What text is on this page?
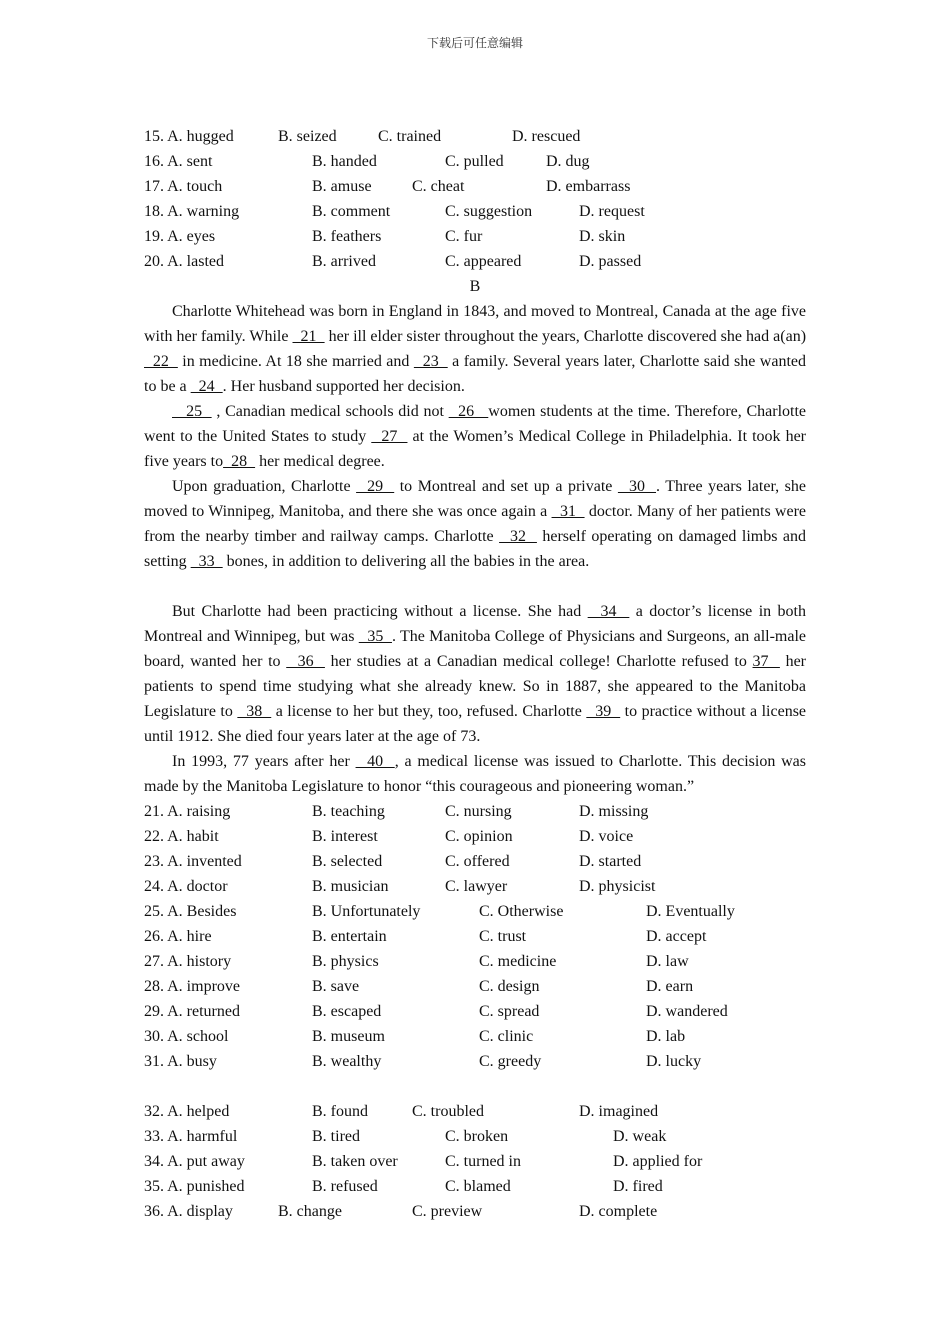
下载后可任意编辑
15. A. hugged	B. seized	C. trained	D. rescued
16. A. sent	B. handed	C. pulled	D. dug
17. A. touch	B. amuse	C. cheat	D. embarrass
18. A. warning	B. comment	C. suggestion	D. request
19. A. eyes	B. feathers	C. fur	D. skin
20. A. lasted	B. arrived	C. appeared	D. passed
B

Charlotte Whitehead was born in England in 1843, and moved to Montreal, Canada at the age five with her family. While   21   her ill elder sister throughout the years, Charlotte discovered she had a(an)   22   in medicine. At 18 she married and   23   a family. Several years later, Charlotte said she wanted to be a   24  . Her husband supported her decision.

25   , Canadian medical schools did not   26   women students at the time. Therefore, Charlotte went to the United States to study   27   at the Women’s Medical College in Philadelphia. It took her five years to  28   her medical degree.

Upon graduation, Charlotte   29   to Montreal and set up a private   30  . Three years later, she moved to Winnipeg, Manitoba, and there she was once again a   31   doctor. Many of her patients were from the nearby timber and railway camps. Charlotte   32   herself operating on damaged limbs and setting   33   bones, in addition to delivering all the babies in the area.

But Charlotte had been practicing without a license. She had   34   a doctor’s license in both Montreal and Winnipeg, but was   35  . The Manitoba College of Physicians and Surgeons, an all-male board, wanted her to   36   her studies at a Canadian medical college! Charlotte refused to 37   her patients to spend time studying what she already knew. So in 1887, she appeared to the Manitoba Legislature to   38   a license to her but they, too, refused. Charlotte   39   to practice without a license until 1912. She died four years later at the age of 73.

In 1993, 77 years after her   40  , a medical license was issued to Charlotte. This decision was made by the Manitoba Legislature to honor “this courageous and pioneering woman.”

21. A. raising	B. teaching	C. nursing	D. missing
22. A. habit	B. interest	C. opinion	D. voice
23. A. invented	B. selected	C. offered	D. started
24. A. doctor	B. musician	C. lawyer	D. physicist
25. A. Besides	B. Unfortunately	C. Otherwise	D. Eventually
26. A. hire	B. entertain	C. trust	D. accept
27. A. history	B. physics	C. medicine	D. law
28. A. improve	B. save	C. design	D. earn
29. A. returned	B. escaped	C. spread	D. wandered
30. A. school	B. museum	C. clinic	D. lab
31. A. busy	B. wealthy	C. greedy	D. lucky
32. A. helped	B. found	C. troubled	D. imagined
33. A. harmful	B. tired	C. broken	D. weak
34. A. put away	B. taken over	C. turned in	D. applied for
35. A. punished	B. refused	C. blamed	D. fired
36. A. display	B. change	C. preview	D. complete
